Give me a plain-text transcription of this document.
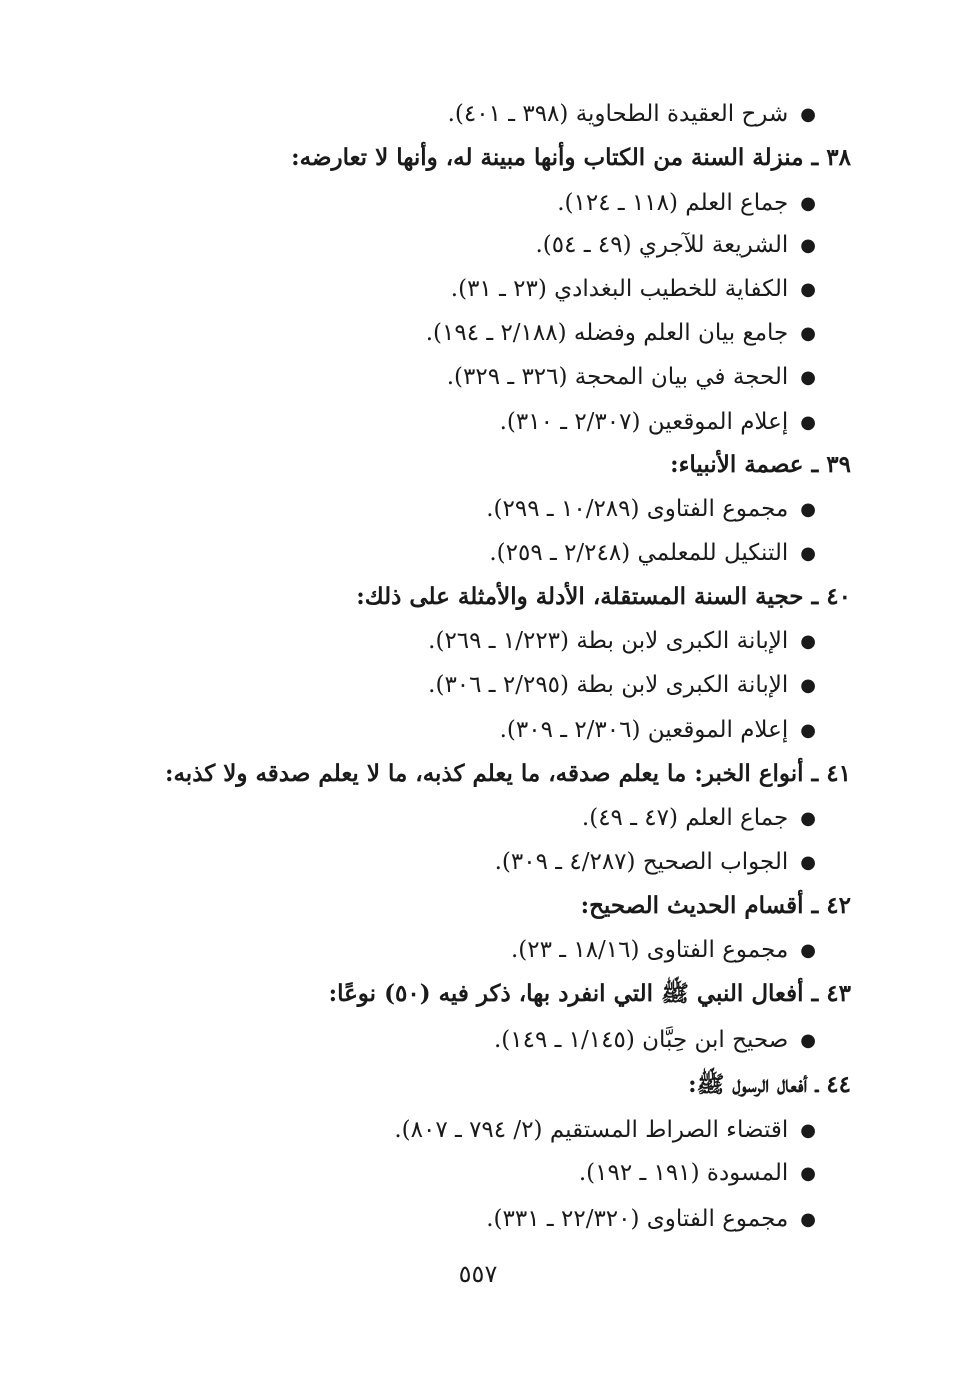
●شرح العقيدة الطحاوية (٣٩٨ ـ ٤٠١).
٣٨ ـ منزلة السنة من الكتاب وأنها مبينة له، وأنها لا تعارضه:
●جماع العلم (١١٨ ـ ١٢٤).
●الشريعة للآجري (٤٩ ـ ٥٤).
●الكفاية للخطيب البغدادي (٢٣ ـ ٣١).
●جامع بيان العلم وفضله (٢/١٨٨ ـ ١٩٤).
●الحجة في بيان المحجة (٣٢٦ ـ ٣٢٩).
●إعلام الموقعين (٢/٣٠٧ ـ ٣١٠).
٣٩ ـ عصمة الأنبياء:
●مجموع الفتاوى (١٠/٢٨٩ ـ ٢٩٩).
●التنكيل للمعلمي (٢/٢٤٨ ـ ٢٥٩).
٤٠ ـ حجية السنة المستقلة، الأدلة والأمثلة على ذلك:
●الإبانة الكبرى لابن بطة (١/٢٢٣ ـ ٢٦٩).
●الإبانة الكبرى لابن بطة (٢/٢٩٥ ـ ٣٠٦).
●إعلام الموقعين (٢/٣٠٦ ـ ٣٠٩).
٤١ ـ أنواع الخبر: ما يعلم صدقه، ما يعلم كذبه، ما لا يعلم صدقه ولا كذبه:
●جماع العلم (٤٧ ـ ٤٩).
●الجواب الصحيح (٤/٢٨٧ ـ ٣٠٩).
٤٢ ـ أقسام الحديث الصحيح:
●مجموع الفتاوى (١٨/١٦ ـ ٢٣).
٤٣ ـ أفعال النبي ﷺ التي انفرد بها، ذكر فيه (٥٠) نوعًا:
●صحيح ابن حِبَّان (١/١٤٥ ـ ١٤٩).
٤٤ ـ أفعال الرسول ﷺ:
●اقتضاء الصراط المستقيم (٢/ ٧٩٤ ـ ٨٠٧).
●المسودة (١٩١ ـ ١٩٢).
●مجموع الفتاوى (٢٢/٣٢٠ ـ ٣٣١).
٥٥٧
